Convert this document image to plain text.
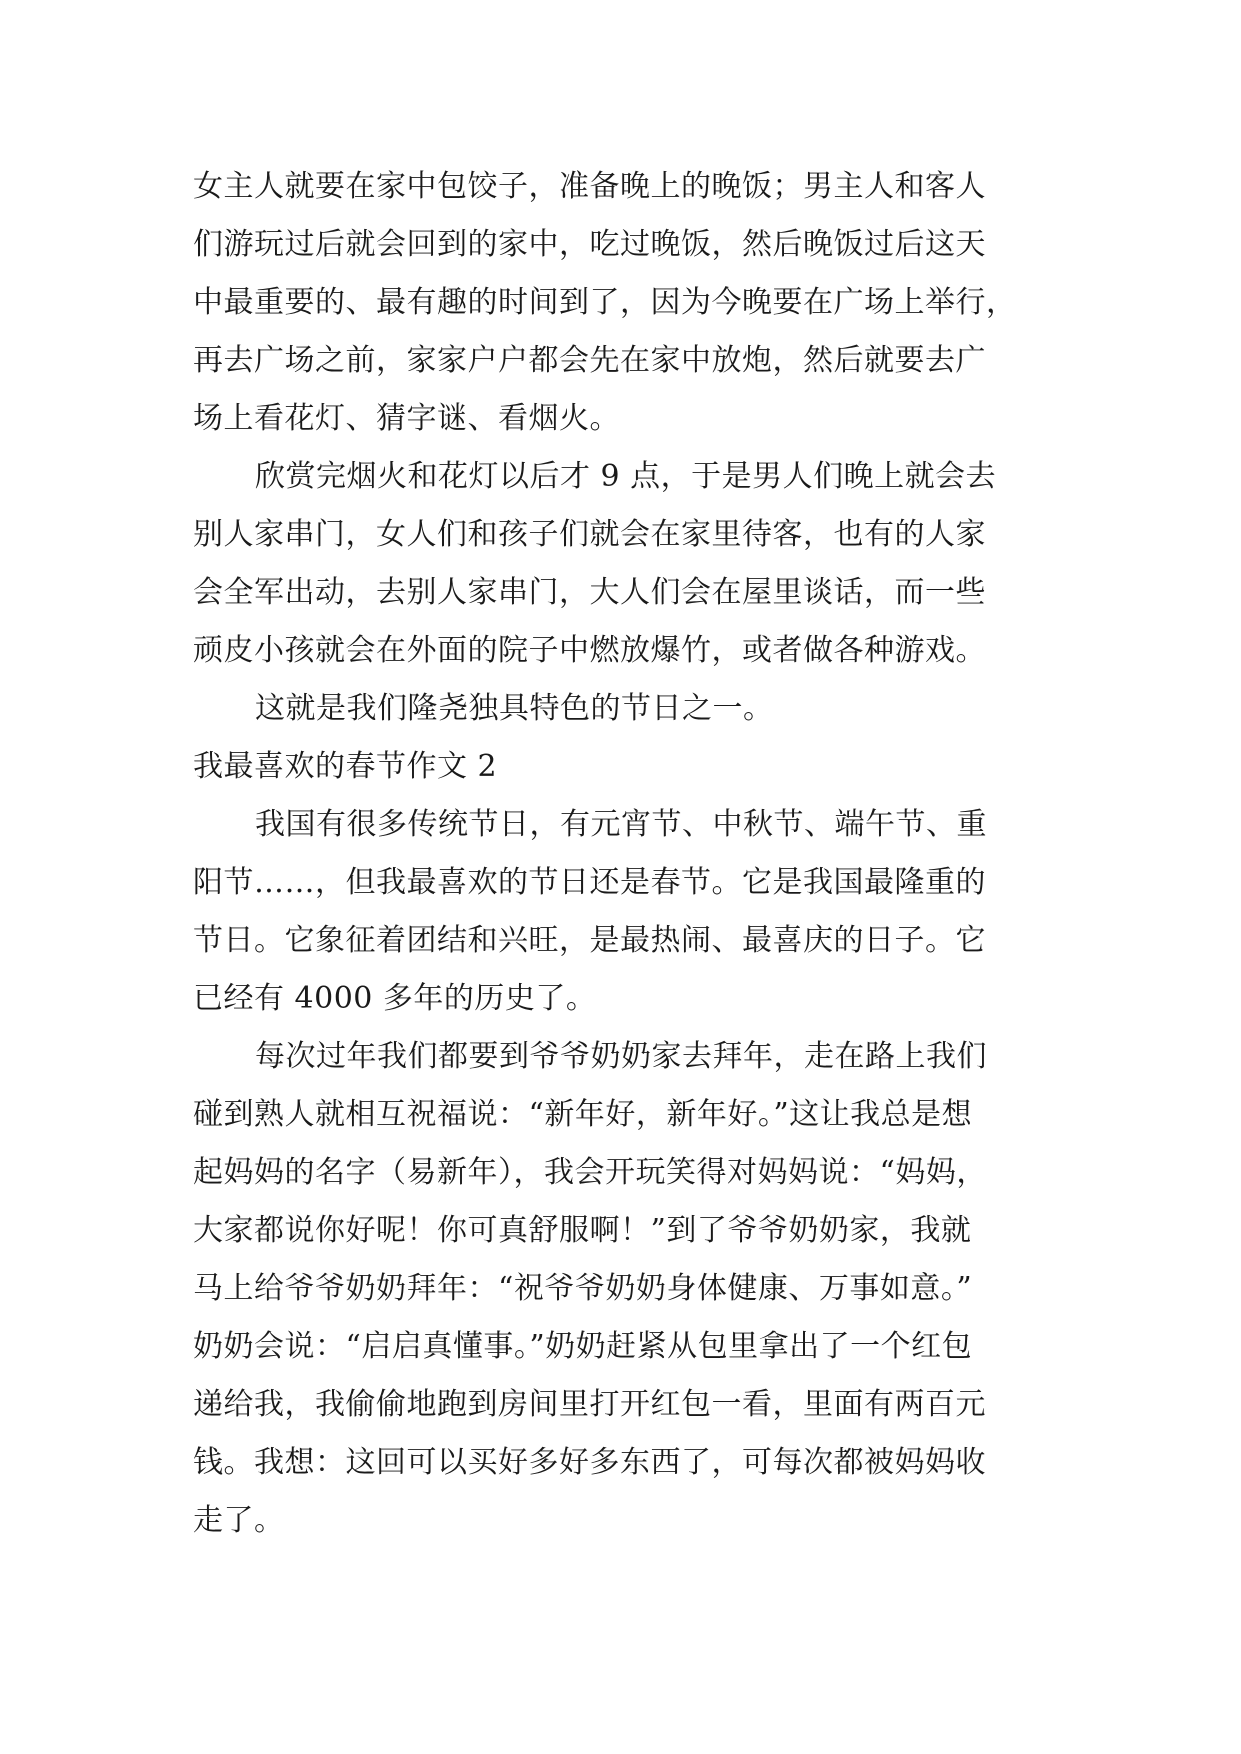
女主人就要在家中包饺子，准备晚上的晚饭；男主人和客人
们游玩过后就会回到的家中，吃过晚饭，然后晚饭过后这天
中最重要的、最有趣的时间到了，因为今晚要在广场上举行，
再去广场之前，家家户户都会先在家中放炮，然后就要去广
场上看花灯、猜字谜、看烟火。
欣赏完烟火和花灯以后才 9 点，于是男人们晚上就会去
别人家串门，女人们和孩子们就会在家里待客，也有的人家
会全军出动，去别人家串门，大人们会在屋里谈话，而一些
顽皮小孩就会在外面的院子中燃放爆竹，或者做各种游戏。
这就是我们隆尧独具特色的节日之一。
我最喜欢的春节作文 2
我国有很多传统节日，有元宵节、中秋节、端午节、重
阳节……，但我最喜欢的节日还是春节。它是我国最隆重的
节日。它象征着团结和兴旺，是最热闹、最喜庆的日子。它
已经有 4000 多年的历史了。
每次过年我们都要到爷爷奶奶家去拜年，走在路上我们
碰到熟人就相互祝福说：“新年好，新年好。”这让我总是想
起妈妈的名字（易新年），我会开玩笑得对妈妈说：“妈妈，
大家都说你好呢！你可真舒服啊！”到了爷爷奶奶家，我就
马上给爷爷奶奶拜年：“祝爷爷奶奶身体健康、万事如意。”
奶奶会说：“启启真懂事。”奶奶赶紧从包里拿出了一个红包
递给我，我偷偷地跑到房间里打开红包一看，里面有两百元
钱。我想：这回可以买好多好多东西了，可每次都被妈妈收
走了。
